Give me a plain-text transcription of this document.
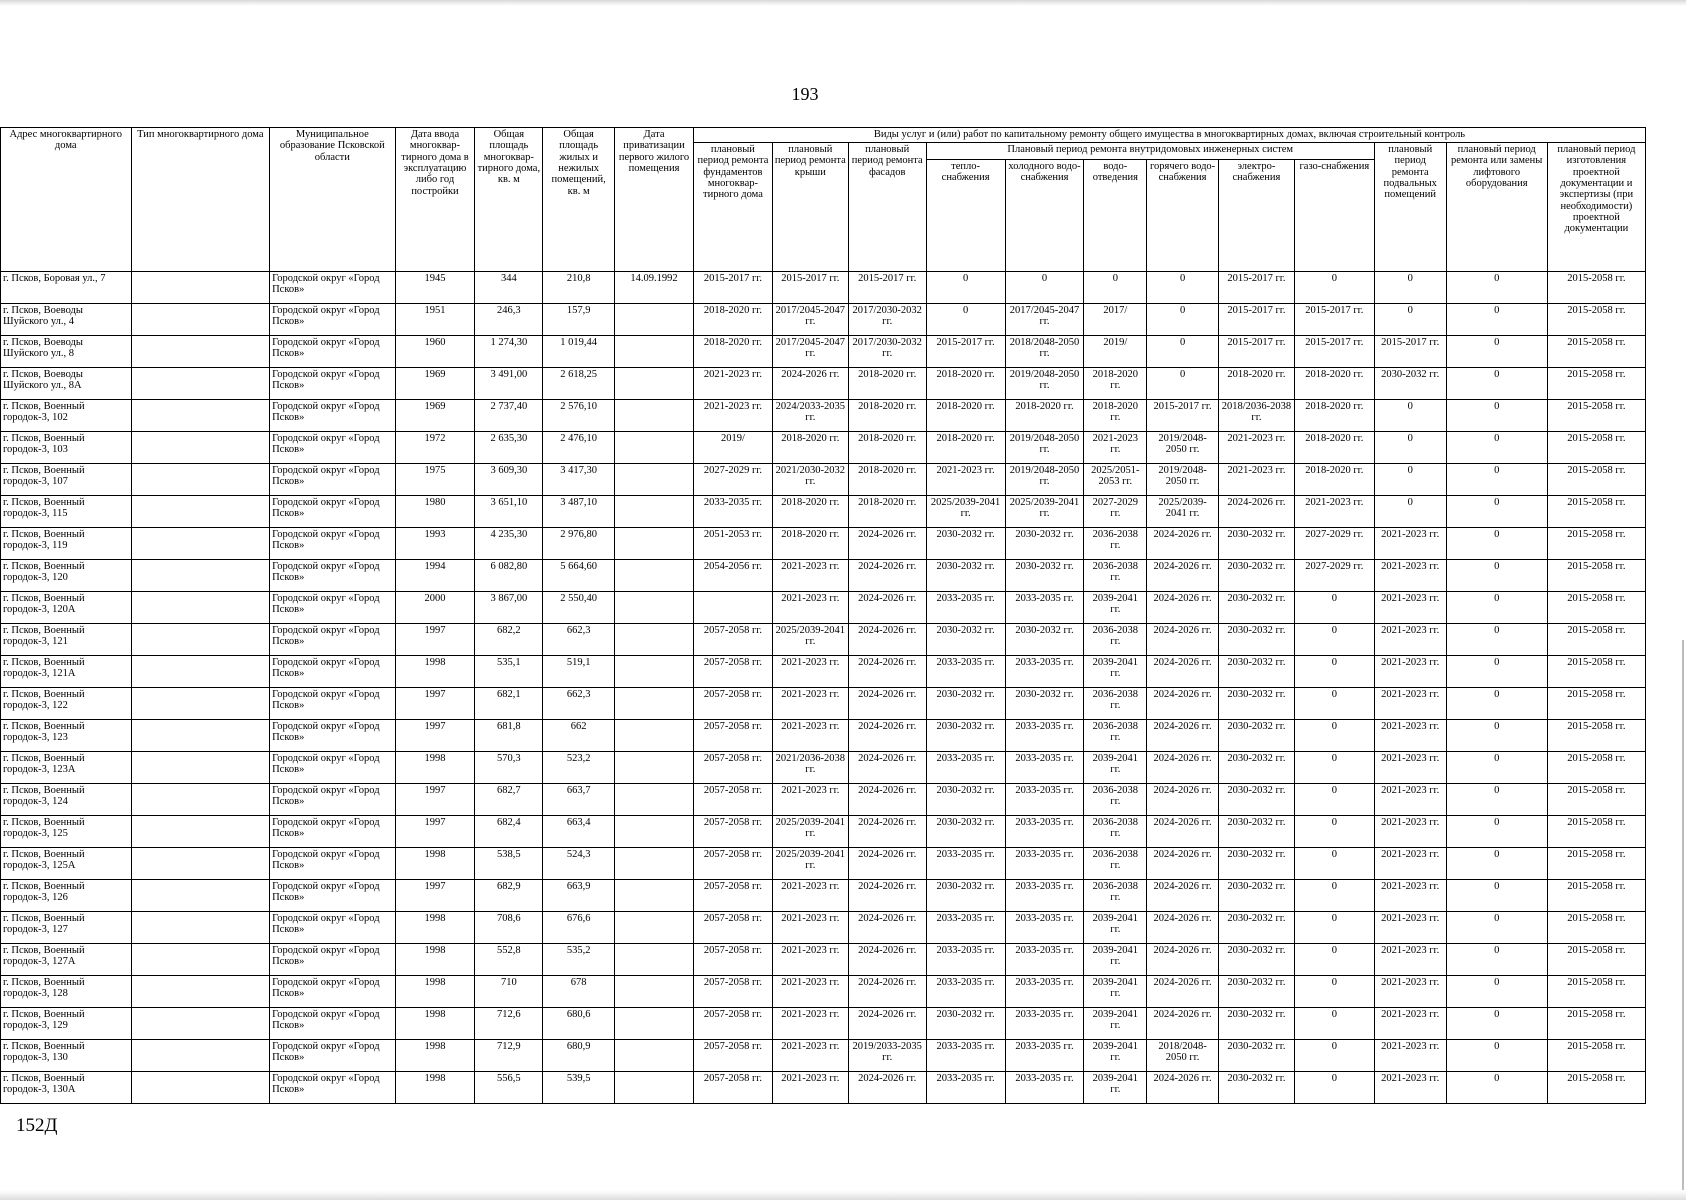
193
Адрес многоквартирного дома	Тип многоквартирного дома	Муниципальное образование Псковской области	Дата ввода многоквар-тирного дома в эксплуатацию либо год постройки	Общая площадь многоквар-тирного дома, кв. м	Общая площадь жилых и нежилых помещений, кв. м	Дата приватизации первого жилого помещения	Виды услуг и (или) работ по капитальному ремонту общего имущества в многоквартирных домах, включая строительный контроль											
							плановый период ремонта фундаментов многоквар-тирного дома	плановый период ремонта крыши	плановый период ремонта фасадов	Плановый период ремонта внутридомовых инженерных систем						плановый период ремонта подвальных помещений	плановый период ремонта или замены лифтового оборудования	плановый период изготовления проектной документации и экспертизы (при необходимости) проектной документации
										тепло-снабжения	холодного водо-снабжения	водо-отведения	горячего водо-снабжения	электро-снабжения	газо-снабжения			
г. Псков, Боровая ул., 7		Городской округ «Город Псков»	1945	344	210,8	14.09.1992	2015-2017 гг.	2015-2017 гг.	2015-2017 гг.	0	0	0	0	2015-2017 гг.	0	0	0	2015-2058 гг.
г. Псков, Воеводы Шуйского ул., 4		Городской округ «Город Псков»	1951	246,3	157,9		2018-2020 гг.	2017/2045-2047 гг.	2017/2030-2032 гг.	0	2017/2045-2047 гг.	2017/	0	2015-2017 гг.	2015-2017 гг.	0	0	2015-2058 гг.
г. Псков, Воеводы Шуйского ул., 8		Городской округ «Город Псков»	1960	1 274,30	1 019,44		2018-2020 гг.	2017/2045-2047 гг.	2017/2030-2032 гг.	2015-2017 гг.	2018/2048-2050 гг.	2019/	0	2015-2017 гг.	2015-2017 гг.	2015-2017 гг.	0	2015-2058 гг.
г. Псков, Воеводы Шуйского ул., 8А		Городской округ «Город Псков»	1969	3 491,00	2 618,25		2021-2023 гг.	2024-2026 гг.	2018-2020 гг.	2018-2020 гг.	2019/2048-2050 гг.	2018-2020 гг.	0	2018-2020 гг.	2018-2020 гг.	2030-2032 гг.	0	2015-2058 гг.
г. Псков, Военный городок-3, 102		Городской округ «Город Псков»	1969	2 737,40	2 576,10		2021-2023 гг.	2024/2033-2035 гг.	2018-2020 гг.	2018-2020 гг.	2018-2020 гг.	2018-2020 гг.	2015-2017 гг.	2018/2036-2038 гг.	2018-2020 гг.	0	0	2015-2058 гг.
г. Псков, Военный городок-3, 103		Городской округ «Город Псков»	1972	2 635,30	2 476,10		2019/	2018-2020 гг.	2018-2020 гг.	2018-2020 гг.	2019/2048-2050 гг.	2021-2023 гг.	2019/2048-2050 гг.	2021-2023 гг.	2018-2020 гг.	0	0	2015-2058 гг.
г. Псков, Военный городок-3, 107		Городской округ «Город Псков»	1975	3 609,30	3 417,30		2027-2029 гг.	2021/2030-2032 гг.	2018-2020 гг.	2021-2023 гг.	2019/2048-2050 гг.	2025/2051-2053 гг.	2019/2048-2050 гг.	2021-2023 гг.	2018-2020 гг.	0	0	2015-2058 гг.
г. Псков, Военный городок-3, 115		Городской округ «Город Псков»	1980	3 651,10	3 487,10		2033-2035 гг.	2018-2020 гг.	2018-2020 гг.	2025/2039-2041 гг.	2025/2039-2041 гг.	2027-2029 гг.	2025/2039-2041 гг.	2024-2026 гг.	2021-2023 гг.	0	0	2015-2058 гг.
г. Псков, Военный городок-3, 119		Городской округ «Город Псков»	1993	4 235,30	2 976,80		2051-2053 гг.	2018-2020 гг.	2024-2026 гг.	2030-2032 гг.	2030-2032 гг.	2036-2038 гг.	2024-2026 гг.	2030-2032 гг.	2027-2029 гг.	2021-2023 гг.	0	2015-2058 гг.
г. Псков, Военный городок-3, 120		Городской округ «Город Псков»	1994	6 082,80	5 664,60		2054-2056 гг.	2021-2023 гг.	2024-2026 гг.	2030-2032 гг.	2030-2032 гг.	2036-2038 гг.	2024-2026 гг.	2030-2032 гг.	2027-2029 гг.	2021-2023 гг.	0	2015-2058 гг.
г. Псков, Военный городок-3, 120А		Городской округ «Город Псков»	2000	3 867,00	2 550,40			2021-2023 гг.	2024-2026 гг.	2033-2035 гг.	2033-2035 гг.	2039-2041 гг.	2024-2026 гг.	2030-2032 гг.	0	2021-2023 гг.	0	2015-2058 гг.
г. Псков, Военный городок-3, 121		Городской округ «Город Псков»	1997	682,2	662,3		2057-2058 гг.	2025/2039-2041 гг.	2024-2026 гг.	2030-2032 гг.	2030-2032 гг.	2036-2038 гг.	2024-2026 гг.	2030-2032 гг.	0	2021-2023 гг.	0	2015-2058 гг.
г. Псков, Военный городок-3, 121А		Городской округ «Город Псков»	1998	535,1	519,1		2057-2058 гг.	2021-2023 гг.	2024-2026 гг.	2033-2035 гг.	2033-2035 гг.	2039-2041 гг.	2024-2026 гг.	2030-2032 гг.	0	2021-2023 гг.	0	2015-2058 гг.
г. Псков, Военный городок-3, 122		Городской округ «Город Псков»	1997	682,1	662,3		2057-2058 гг.	2021-2023 гг.	2024-2026 гг.	2030-2032 гг.	2030-2032 гг.	2036-2038 гг.	2024-2026 гг.	2030-2032 гг.	0	2021-2023 гг.	0	2015-2058 гг.
г. Псков, Военный городок-3, 123		Городской округ «Город Псков»	1997	681,8	662		2057-2058 гг.	2021-2023 гг.	2024-2026 гг.	2030-2032 гг.	2033-2035 гг.	2036-2038 гг.	2024-2026 гг.	2030-2032 гг.	0	2021-2023 гг.	0	2015-2058 гг.
г. Псков, Военный городок-3, 123А		Городской округ «Город Псков»	1998	570,3	523,2		2057-2058 гг.	2021/2036-2038 гг.	2024-2026 гг.	2033-2035 гг.	2033-2035 гг.	2039-2041 гг.	2024-2026 гг.	2030-2032 гг.	0	2021-2023 гг.	0	2015-2058 гг.
г. Псков, Военный городок-3, 124		Городской округ «Город Псков»	1997	682,7	663,7		2057-2058 гг.	2021-2023 гг.	2024-2026 гг.	2030-2032 гг.	2033-2035 гг.	2036-2038 гг.	2024-2026 гг.	2030-2032 гг.	0	2021-2023 гг.	0	2015-2058 гг.
г. Псков, Военный городок-3, 125		Городской округ «Город Псков»	1997	682,4	663,4		2057-2058 гг.	2025/2039-2041 гг.	2024-2026 гг.	2030-2032 гг.	2033-2035 гг.	2036-2038 гг.	2024-2026 гг.	2030-2032 гг.	0	2021-2023 гг.	0	2015-2058 гг.
г. Псков, Военный городок-3, 125А		Городской округ «Город Псков»	1998	538,5	524,3		2057-2058 гг.	2025/2039-2041 гг.	2024-2026 гг.	2033-2035 гг.	2033-2035 гг.	2036-2038 гг.	2024-2026 гг.	2030-2032 гг.	0	2021-2023 гг.	0	2015-2058 гг.
г. Псков, Военный городок-3, 126		Городской округ «Город Псков»	1997	682,9	663,9		2057-2058 гг.	2021-2023 гг.	2024-2026 гг.	2030-2032 гг.	2033-2035 гг.	2036-2038 гг.	2024-2026 гг.	2030-2032 гг.	0	2021-2023 гг.	0	2015-2058 гг.
г. Псков, Военный городок-3, 127		Городской округ «Город Псков»	1998	708,6	676,6		2057-2058 гг.	2021-2023 гг.	2024-2026 гг.	2033-2035 гг.	2033-2035 гг.	2039-2041 гг.	2024-2026 гг.	2030-2032 гг.	0	2021-2023 гг.	0	2015-2058 гг.
г. Псков, Военный городок-3, 127А		Городской округ «Город Псков»	1998	552,8	535,2		2057-2058 гг.	2021-2023 гг.	2024-2026 гг.	2033-2035 гг.	2033-2035 гг.	2039-2041 гг.	2024-2026 гг.	2030-2032 гг.	0	2021-2023 гг.	0	2015-2058 гг.
г. Псков, Военный городок-3, 128		Городской округ «Город Псков»	1998	710	678		2057-2058 гг.	2021-2023 гг.	2024-2026 гг.	2033-2035 гг.	2033-2035 гг.	2039-2041 гг.	2024-2026 гг.	2030-2032 гг.	0	2021-2023 гг.	0	2015-2058 гг.
г. Псков, Военный городок-3, 129		Городской округ «Город Псков»	1998	712,6	680,6		2057-2058 гг.	2021-2023 гг.	2024-2026 гг.	2030-2032 гг.	2033-2035 гг.	2039-2041 гг.	2024-2026 гг.	2030-2032 гг.	0	2021-2023 гг.	0	2015-2058 гг.
г. Псков, Военный городок-3, 130		Городской округ «Город Псков»	1998	712,9	680,9		2057-2058 гг.	2021-2023 гг.	2019/2033-2035 гг.	2033-2035 гг.	2033-2035 гг.	2039-2041 гг.	2018/2048-2050 гг.	2030-2032 гг.	0	2021-2023 гг.	0	2015-2058 гг.
г. Псков, Военный городок-3, 130А		Городской округ «Город Псков»	1998	556,5	539,5		2057-2058 гг.	2021-2023 гг.	2024-2026 гг.	2033-2035 гг.	2033-2035 гг.	2039-2041 гг.	2024-2026 гг.	2030-2032 гг.	0	2021-2023 гг.	0	2015-2058 гг.
152Д
